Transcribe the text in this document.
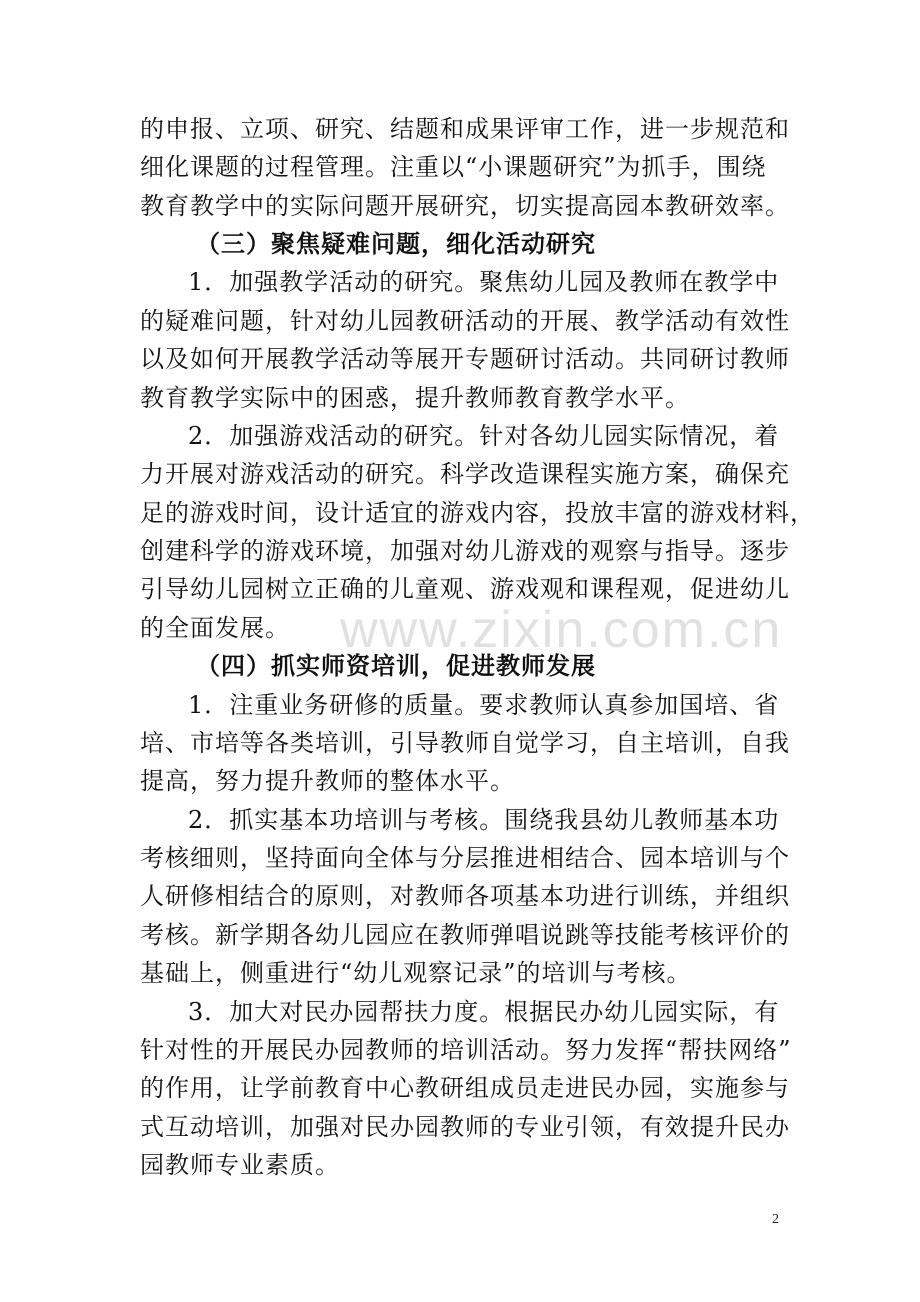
的申报、立项、研究、结题和成果评审工作，进一步规范和
细化课题的过程管理。注重以“小课题研究”为抓手，围绕
教育教学中的实际问题开展研究，切实提高园本教研效率。
（三）聚焦疑难问题，细化活动研究
1．加强教学活动的研究。聚焦幼儿园及教师在教学中
的疑难问题，针对幼儿园教研活动的开展、教学活动有效性
以及如何开展教学活动等展开专题研讨活动。共同研讨教师
教育教学实际中的困惑，提升教师教育教学水平。
2．加强游戏活动的研究。针对各幼儿园实际情况，着
力开展对游戏活动的研究。科学改造课程实施方案，确保充
足的游戏时间，设计适宜的游戏内容，投放丰富的游戏材料，
创建科学的游戏环境，加强对幼儿游戏的观察与指导。逐步
引导幼儿园树立正确的儿童观、游戏观和课程观，促进幼儿
的全面发展。
（四）抓实师资培训，促进教师发展
1．注重业务研修的质量。要求教师认真参加国培、省
培、市培等各类培训，引导教师自觉学习，自主培训，自我
提高，努力提升教师的整体水平。
2．抓实基本功培训与考核。围绕我县幼儿教师基本功
考核细则，坚持面向全体与分层推进相结合、园本培训与个
人研修相结合的原则，对教师各项基本功进行训练，并组织
考核。新学期各幼儿园应在教师弹唱说跳等技能考核评价的
基础上，侧重进行“幼儿观察记录”的培训与考核。
3．加大对民办园帮扶力度。根据民办幼儿园实际，有
针对性的开展民办园教师的培训活动。努力发挥“帮扶网络”
的作用，让学前教育中心教研组成员走进民办园，实施参与
式互动培训，加强对民办园教师的专业引领，有效提升民办
园教师专业素质。
www.zixin.com.cn
2
